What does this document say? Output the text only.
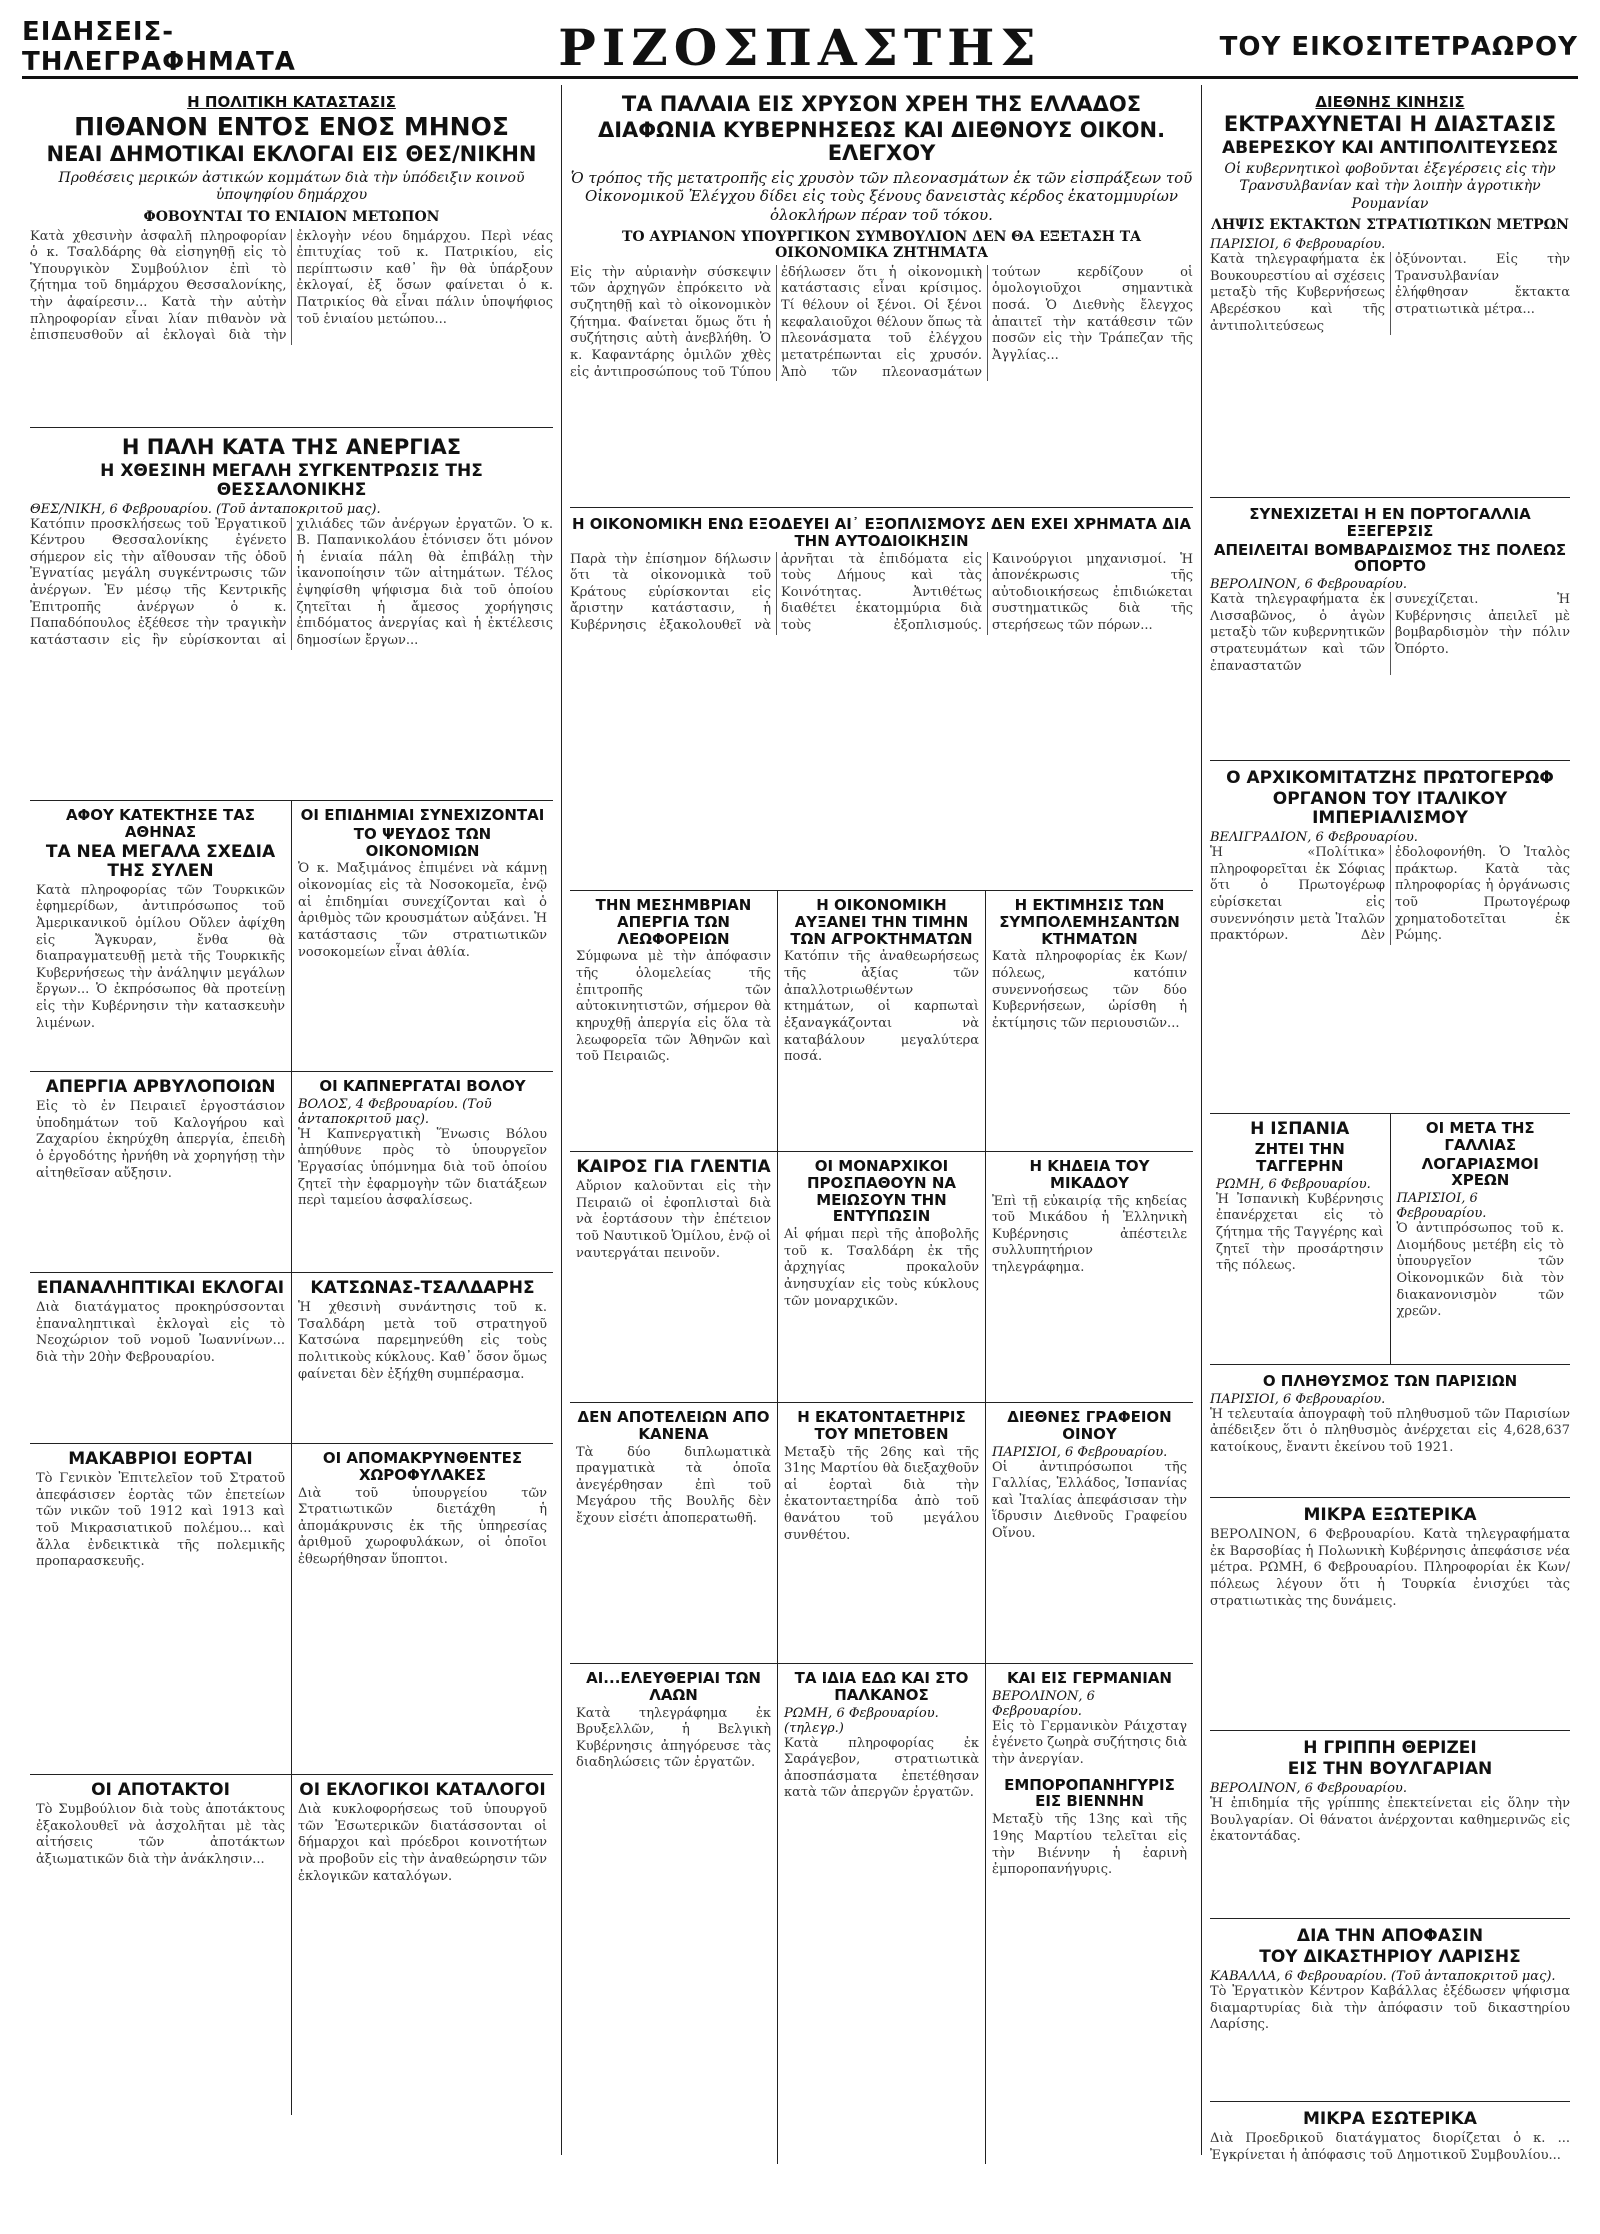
ΕΙΔΗΣΕΙΣ-ΤΗΛΕΓΡΑΦΗΜΑΤΑ	ΡΙΖΟΣΠΑΣΤΗΣ	ΤΟΥ ΕΙΚΟΣΙΤΕΤΡΑΩΡΟΥ
Η ΠΟΛΙΤΙΚΗ ΚΑΤΑΣΤΑΣΙΣ
ΠΙΘΑΝΟΝ ΕΝΤΟΣ ΕΝΟΣ ΜΗΝΟΣ
ΝΕΑΙ ΔΗΜΟΤΙΚΑΙ ΕΚΛΟΓΑΙ ΕΙΣ ΘΕΣ/ΝΙΚΗΝ
Προθέσεις μερικών ἀστικών κομμάτων διὰ τὴν ὑπόδειξιν κοινοῦ ὑποψηφίου δημάρχου
ΦΟΒΟΥΝΤΑΙ ΤΟ ΕΝΙΑΙΟΝ ΜΕΤΩΠΟΝ

Κατὰ χθεσινὴν ἀσφαλῆ πληροφορίαν ὁ κ. Τσαλδάρης θὰ εἰσηγηθῇ εἰς τὸ Ὑπουργικὸν Συμβούλιον ἐπὶ τὸ ζήτημα τοῦ δημάρχου Θεσσαλονίκης, τὴν ἀφαίρεσιν... Κατὰ τὴν αὐτὴν πληροφορίαν εἶναι λίαν πιθανὸν νὰ ἐπισπευσθοῦν αἱ ἐκλογαὶ διὰ τὴν ἐκλογὴν νέου δημάρχου. Περὶ νέας ἐπιτυχίας τοῦ κ. Πατρικίου, εἰς περίπτωσιν καθ᾽ ἣν θὰ ὑπάρξουν ἐκλογαί, ἐξ ὅσων φαίνεται ὁ κ. Πατρικίος θὰ εἶναι πάλιν ὑποψήφιος τοῦ ἑνιαίου μετώπου...

Η ΠΑΛΗ ΚΑΤΑ ΤΗΣ ΑΝΕΡΓΙΑΣ
Η ΧΘΕΣΙΝΗ ΜΕΓΑΛΗ ΣΥΓΚΕΝΤΡΩΣΙΣ ΤΗΣ ΘΕΣΣΑΛΟΝΙΚΗΣ
ΘΕΣ/ΝΙΚΗ, 6 Φεβρουαρίου. (Τοῦ ἀνταποκριτοῦ μας).

Κατόπιν προσκλήσεως τοῦ Ἐργατικοῦ Κέντρου Θεσσαλονίκης ἐγένετο σήμερον εἰς τὴν αἴθουσαν τῆς ὁδοῦ Ἐγνατίας μεγάλη συγκέντρωσις τῶν ἀνέργων. Ἐν μέσῳ τῆς Κεντρικῆς Ἐπιτροπῆς ἀνέργων ὁ κ. Παπαδόπουλος ἐξέθεσε τὴν τραγικὴν κατάστασιν εἰς ἣν εὑρίσκονται αἱ χιλιάδες τῶν ἀνέργων ἐργατῶν. Ὁ κ. Β. Παπανικολάου ἐτόνισεν ὅτι μόνον ἡ ἑνιαία πάλη θὰ ἐπιβάλῃ τὴν ἱκανοποίησιν τῶν αἰτημάτων. Τέλος ἐψηφίσθη ψήφισμα διὰ τοῦ ὁποίου ζητεῖται ἡ ἄμεσος χορήγησις ἐπιδόματος ἀνεργίας καὶ ἡ ἐκτέλεσις δημοσίων ἔργων...

ΑΦΟΥ ΚΑΤΕΚΤΗΣΕ ΤΑΣ ΑΘΗΝΑΣ
ΤΑ ΝΕΑ ΜΕΓΑΛΑ ΣΧΕΔΙΑ ΤΗΣ ΣΥΛΕΝ

Κατὰ πληροφορίας τῶν Τουρκικῶν ἐφημερίδων, ἀντιπρόσωπος τοῦ Ἀμερικανικοῦ ὁμίλου Οὔλεν ἀφίχθη εἰς Ἄγκυραν, ἔνθα θὰ διαπραγματευθῇ μετὰ τῆς Τουρκικῆς Κυβερνήσεως τὴν ἀνάληψιν μεγάλων ἔργων... Ὁ ἐκπρόσωπος θὰ προτείνῃ εἰς τὴν Κυβέρνησιν τὴν κατασκευὴν λιμένων.

ΟΙ ΕΠΙΔΗΜΙΑΙ ΣΥΝΕΧΙΖΟΝΤΑΙ
ΤΟ ΨΕΥΔΟΣ ΤΩΝ ΟΙΚΟΝΟΜΙΩΝ

Ὁ κ. Μαξιμάνος ἐπιμένει νὰ κάμνῃ οἰκονομίας εἰς τὰ Νοσοκομεῖα, ἐνῷ αἱ ἐπιδημίαι συνεχίζονται καὶ ὁ ἀριθμὸς τῶν κρουσμάτων αὐξάνει. Ἡ κατάστασις τῶν στρατιωτικῶν νοσοκομείων εἶναι ἀθλία.

ΑΠΕΡΓΙΑ ΑΡΒΥΛΟΠΟΙΩΝ

Εἰς τὸ ἐν Πειραιεῖ ἐργοστάσιον ὑποδημάτων τοῦ Καλογήρου καὶ Ζαχαρίου ἐκηρύχθη ἀπεργία, ἐπειδὴ ὁ ἐργοδότης ἠρνήθη νὰ χορηγήσῃ τὴν αἰτηθεῖσαν αὔξησιν.

ΟΙ ΚΑΠΝΕΡΓΑΤΑΙ ΒΟΛΟΥ
ΒΟΛΟΣ, 4 Φεβρουαρίου. (Τοῦ ἀνταποκριτοῦ μας).

Ἡ Καπνεργατικὴ Ἕνωσις Βόλου ἀπηύθυνε πρὸς τὸ ὑπουργεῖον Ἐργασίας ὑπόμνημα διὰ τοῦ ὁποίου ζητεῖ τὴν ἐφαρμογὴν τῶν διατάξεων περὶ ταμείου ἀσφαλίσεως.

ΕΠΑΝΑΛΗΠΤΙΚΑΙ ΕΚΛΟΓΑΙ

Διὰ διατάγματος προκηρύσσονται ἐπαναληπτικαὶ ἐκλογαὶ εἰς τὸ Νεοχώριον τοῦ νομοῦ Ἰωαννίνων... διὰ τὴν 20ὴν Φεβρουαρίου.

ΚΑΤΣΩΝΑΣ-ΤΣΑΛΔΑΡΗΣ

Ἡ χθεσινὴ συνάντησις τοῦ κ. Τσαλδάρη μετὰ τοῦ στρατηγοῦ Κατσώνα παρεμηνεύθη εἰς τοὺς πολιτικοὺς κύκλους. Καθ᾽ ὅσον ὅμως φαίνεται δὲν ἐξήχθη συμπέρασμα.

ΜΑΚΑΒΡΙΟΙ ΕΟΡΤΑΙ

Τὸ Γενικὸν Ἐπιτελεῖον τοῦ Στρατοῦ ἀπεφάσισεν ἑορτὰς τῶν ἐπετείων τῶν νικῶν τοῦ 1912 καὶ 1913 καὶ τοῦ Μικρασιατικοῦ πολέμου... καὶ ἄλλα ἐνδεικτικὰ τῆς πολεμικῆς προπαρασκευῆς.

ΟΙ ΑΠΟΜΑΚΡΥΝΘΕΝΤΕΣ ΧΩΡΟΦΥΛΑΚΕΣ

Διὰ τοῦ ὑπουργείου τῶν Στρατιωτικῶν διετάχθη ἡ ἀπομάκρυνσις ἐκ τῆς ὑπηρεσίας ἀριθμοῦ χωροφυλάκων, οἱ ὁποῖοι ἐθεωρήθησαν ὕποπτοι.

ΟΙ ΑΠΟΤΑΚΤΟΙ

Τὸ Συμβούλιον διὰ τοὺς ἀποτάκτους ἐξακολουθεῖ νὰ ἀσχολῆται μὲ τὰς αἰτήσεις τῶν ἀποτάκτων ἀξιωματικῶν διὰ τὴν ἀνάκλησιν...

ΟΙ ΕΚΛΟΓΙΚΟΙ ΚΑΤΑΛΟΓΟΙ

Διὰ κυκλοφορήσεως τοῦ ὑπουργοῦ τῶν Ἐσωτερικῶν διατάσσονται οἱ δήμαρχοι καὶ πρόεδροι κοινοτήτων νὰ προβοῦν εἰς τὴν ἀναθεώρησιν τῶν ἐκλογικῶν καταλόγων.

ΤΑ ΠΑΛΑΙΑ ΕΙΣ ΧΡΥΣΟΝ ΧΡΕΗ ΤΗΣ ΕΛΛΑΔΟΣ
ΔΙΑΦΩΝΙΑ ΚΥΒΕΡΝΗΣΕΩΣ ΚΑΙ ΔΙΕΘΝΟΥΣ ΟΙΚΟΝ. ΕΛΕΓΧΟΥ
Ὁ τρόπος τῆς μετατροπῆς εἰς χρυσὸν τῶν πλεονασμάτων ἐκ τῶν εἰσπράξεων τοῦ Οἰκονομικοῦ Ἐλέγχου δίδει εἰς τοὺς ξένους δανειστὰς κέρδος ἑκατομμυρίων ὁλοκλήρων πέραν τοῦ τόκου.
ΤΟ ΑΥΡΙΑΝΟΝ ΥΠΟΥΡΓΙΚΟΝ ΣΥΜΒΟΥΛΙΟΝ ΔΕΝ ΘΑ ΕΞΕΤΑΣΗ ΤΑ ΟΙΚΟΝΟΜΙΚΑ ΖΗΤΗΜΑΤΑ

Εἰς τὴν αὐριανὴν σύσκεψιν τῶν ἀρχηγῶν ἐπρόκειτο νὰ συζητηθῇ καὶ τὸ οἰκονομικὸν ζήτημα. Φαίνεται ὅμως ὅτι ἡ συζήτησις αὐτὴ ἀνεβλήθη. Ὁ κ. Καφαντάρης ὁμιλῶν χθὲς εἰς ἀντιπροσώπους τοῦ Τύπου ἐδήλωσεν ὅτι ἡ οἰκονομικὴ κατάστασις εἶναι κρίσιμος. Τί θέλουν οἱ ξένοι. Οἱ ξένοι κεφαλαιοῦχοι θέλουν ὅπως τὰ πλεονάσματα τοῦ ἐλέγχου μετατρέπωνται εἰς χρυσόν. Ἀπὸ τῶν πλεονασμάτων τούτων κερδίζουν οἱ ὁμολογιοῦχοι σημαντικὰ ποσά. Ὁ Διεθνὴς ἔλεγχος ἀπαιτεῖ τὴν κατάθεσιν τῶν ποσῶν εἰς τὴν Τράπεζαν τῆς Ἀγγλίας...

Η ΟΙΚΟΝΟΜΙΚΗ ΕΝΩ ΕΞΟΔΕΥΕΙ ΑΙ᾽ ΕΞΟΠΛΙΣΜΟΥΣ ΔΕΝ ΕΧΕΙ ΧΡΗΜΑΤΑ ΔΙΑ ΤΗΝ ΑΥΤΟΔΙΟΙΚΗΣΙΝ

Παρὰ τὴν ἐπίσημον δήλωσιν ὅτι τὰ οἰκονομικὰ τοῦ Κράτους εὑρίσκονται εἰς ἄριστην κατάστασιν, ἡ Κυβέρνησις ἐξακολουθεῖ νὰ ἀρνῆται τὰ ἐπιδόματα εἰς τοὺς Δήμους καὶ τὰς Κοινότητας. Ἀντιθέτως διαθέτει ἑκατομμύρια διὰ τοὺς ἐξοπλισμούς. Καινούργιοι μηχανισμοί. Ἡ ἀπονέκρωσις τῆς αὐτοδιοικήσεως ἐπιδιώκεται συστηματικῶς διὰ τῆς στερήσεως τῶν πόρων...

ΤΗΝ ΜΕΣΗΜΒΡΙΑΝ ΑΠΕΡΓΙΑ ΤΩΝ ΛΕΩΦΟΡΕΙΩΝ

Σύμφωνα μὲ τὴν ἀπόφασιν τῆς ὁλομελείας τῆς ἐπιτροπῆς τῶν αὐτοκινητιστῶν, σήμερον θὰ κηρυχθῇ ἀπεργία εἰς ὅλα τὰ λεωφορεῖα τῶν Ἀθηνῶν καὶ τοῦ Πειραιῶς.

Η ΟΙΚΟΝΟΜΙΚΗ ΑΥΞΑΝΕΙ ΤΗΝ ΤΙΜΗΝ ΤΩΝ ΑΓΡΟΚΤΗΜΑΤΩΝ

Κατόπιν τῆς ἀναθεωρήσεως τῆς ἀξίας τῶν ἀπαλλοτριωθέντων κτημάτων, οἱ καρπωταὶ ἐξαναγκάζονται νὰ καταβάλουν μεγαλύτερα ποσά.

Η ΕΚΤΙΜΗΣΙΣ ΤΩΝ ΣΥΜΠΟΛΕΜΗΣΑΝΤΩΝ ΚΤΗΜΑΤΩΝ

Κατὰ πληροφορίας ἐκ Κων/πόλεως, κατόπιν συνεννοήσεως τῶν δύο Κυβερνήσεων, ὡρίσθη ἡ ἐκτίμησις τῶν περιουσιῶν...

ΚΑΙΡΟΣ ΓΙΑ ΓΛΕΝΤΙΑ

Αὔριον καλοῦνται εἰς τὴν Πειραιῶ οἱ ἐφοπλισταὶ διὰ νὰ ἑορτάσουν τὴν ἐπέτειον τοῦ Ναυτικοῦ Ὁμίλου, ἐνῷ οἱ ναυτεργάται πεινοῦν.

ΟΙ ΜΟΝΑΡΧΙΚΟΙ ΠΡΟΣΠΑΘΟΥΝ ΝΑ ΜΕΙΩΣΟΥΝ ΤΗΝ ΕΝΤΥΠΩΣΙΝ

Αἱ φήμαι περὶ τῆς ἀποβολῆς τοῦ κ. Τσαλδάρη ἐκ τῆς ἀρχηγίας προκαλοῦν ἀνησυχίαν εἰς τοὺς κύκλους τῶν μοναρχικῶν.

Η ΚΗΔΕΙΑ ΤΟΥ ΜΙΚΑΔΟΥ

Ἐπὶ τῇ εὐκαιρίᾳ τῆς κηδείας τοῦ Μικάδου ἡ Ἑλληνικὴ Κυβέρνησις ἀπέστειλε συλλυπητήριον τηλεγράφημα.

ΔΕΝ ΑΠΟΤΕΛΕΙΩΝ ΑΠΟ ΚΑΝΕΝΑ

Τὰ δύο διπλωματικὰ πραγματικὰ τὰ ὁποῖα ἀνεγέρθησαν ἐπὶ τοῦ Μεγάρου τῆς Βουλῆς δὲν ἔχουν εἰσέτι ἀποπερατωθῆ.

Η ΕΚΑΤΟΝΤΑΕΤΗΡΙΣ ΤΟΥ ΜΠΕΤΟΒΕΝ

Μεταξὺ τῆς 26ης καὶ τῆς 31ης Μαρτίου θὰ διεξαχθοῦν αἱ ἑορταὶ διὰ τὴν ἑκατονταετηρίδα ἀπὸ τοῦ θανάτου τοῦ μεγάλου συνθέτου.

ΔΙΕΘΝΕΣ ΓΡΑΦΕΙΟΝ ΟΙΝΟΥ
ΠΑΡΙΣΙΟΙ, 6 Φεβρουαρίου.

Οἱ ἀντιπρόσωποι τῆς Γαλλίας, Ἑλλάδος, Ἰσπανίας καὶ Ἰταλίας ἀπεφάσισαν τὴν ἵδρυσιν Διεθνοῦς Γραφείου Οἴνου.

ΑΙ...ΕΛΕΥΘΕΡΙΑΙ ΤΩΝ ΛΑΩΝ

Κατὰ τηλεγράφημα ἐκ Βρυξελλῶν, ἡ Βελγικὴ Κυβέρνησις ἀπηγόρευσε τὰς διαδηλώσεις τῶν ἐργατῶν.

ΤΑ ΙΔΙΑ ΕΔΩ ΚΑΙ ΣΤΟ ΠΑΛΚΑΝΟΣ
ΡΩΜΗ, 6 Φεβρουαρίου. (τηλεγρ.)

Κατὰ πληροφορίας ἐκ Σαράγεβον, στρατιωτικὰ ἀποσπάσματα ἐπετέθησαν κατὰ τῶν ἀπεργῶν ἐργατῶν.

ΚΑΙ ΕΙΣ ΓΕΡΜΑΝΙΑΝ
ΒΕΡΟΛΙΝΟΝ, 6 Φεβρουαρίου.

Εἰς τὸ Γερμανικὸν Ράιχσταγ ἐγένετο ζωηρὰ συζήτησις διὰ τὴν ἀνεργίαν.

ΕΜΠΟΡΟΠΑΝΗΓΥΡΙΣ ΕΙΣ ΒΙΕΝΝΗΝ

Μεταξὺ τῆς 13ης καὶ τῆς 19ης Μαρτίου τελεῖται εἰς τὴν Βιέννην ἡ ἐαρινὴ ἐμποροπανήγυρις.

ΔΙΕΘΝΗΣ ΚΙΝΗΣΙΣ
ΕΚΤΡΑΧΥΝΕΤΑΙ Η ΔΙΑΣΤΑΣΙΣ
ΑΒΕΡΕΣΚΟΥ ΚΑΙ ΑΝΤΙΠΟΛΙΤΕΥΣΕΩΣ
Οἱ κυβερνητικοὶ φοβοῦνται ἐξεγέρσεις εἰς τὴν Τρανσυλβανίαν καὶ τὴν λοιπὴν ἀγροτικὴν Ρουμανίαν
ΛΗΨΙΣ ΕΚΤΑΚΤΩΝ ΣΤΡΑΤΙΩΤΙΚΩΝ ΜΕΤΡΩΝ
ΠΑΡΙΣΙΟΙ, 6 Φεβρουαρίου.

Κατὰ τηλεγραφήματα ἐκ Βουκουρεστίου αἱ σχέσεις μεταξὺ τῆς Κυβερνήσεως Αβερέσκου καὶ τῆς ἀντιπολιτεύσεως ὀξύνονται. Εἰς τὴν Τρανσυλβανίαν ἐλήφθησαν ἔκτακτα στρατιωτικὰ μέτρα...

ΣΥΝΕΧΙΖΕΤΑΙ Η ΕΝ ΠΟΡΤΟΓΑΛΛΙΑ ΕΞΕΓΕΡΣΙΣ
ΑΠΕΙΛΕΙΤΑΙ ΒΟΜΒΑΡΔΙΣΜΟΣ ΤΗΣ ΠΟΛΕΩΣ ΟΠΟΡΤΟ
ΒΕΡΟΛΙΝΟΝ, 6 Φεβρουαρίου.

Κατὰ τηλεγραφήματα ἐκ Λισσαβῶνος, ὁ ἀγὼν μεταξὺ τῶν κυβερνητικῶν στρατευμάτων καὶ τῶν ἐπαναστατῶν συνεχίζεται. Ἡ Κυβέρνησις ἀπειλεῖ μὲ βομβαρδισμὸν τὴν πόλιν Ὀπόρτο.

Ο ΑΡΧΙΚΟΜΙΤΑΤΖΗΣ ΠΡΩΤΟΓΕΡΩΦ
ΟΡΓΑΝΟΝ ΤΟΥ ΙΤΑΛΙΚΟΥ ΙΜΠΕΡΙΑΛΙΣΜΟΥ
ΒΕΛΙΓΡΑΔΙΟΝ, 6 Φεβρουαρίου.

Ἡ «Πολίτικα» πληροφορεῖται ἐκ Σόφιας ὅτι ὁ Πρωτογέρωφ εὑρίσκεται εἰς συνεννόησιν μετὰ Ἰταλῶν πρακτόρων. Δὲν ἐδολοφονήθη. Ὁ Ἰταλὸς πράκτωρ. Κατὰ τὰς πληροφορίας ἡ ὀργάνωσις τοῦ Πρωτογέρωφ χρηματοδοτεῖται ἐκ Ρώμης.

Η ΙΣΠΑΝΙΑ
ΖΗΤΕΙ ΤΗΝ ΤΑΓΓΕΡΗΝ
ΡΩΜΗ, 6 Φεβρουαρίου.

Ἡ Ἰσπανικὴ Κυβέρνησις ἐπανέρχεται εἰς τὸ ζήτημα τῆς Ταγγέρης καὶ ζητεῖ τὴν προσάρτησιν τῆς πόλεως.

ΟΙ ΜΕΤΑ ΤΗΣ ΓΑΛΛΙΑΣ
ΛΟΓΑΡΙΑΣΜΟΙ ΧΡΕΩΝ
ΠΑΡΙΣΙΟΙ, 6 Φεβρουαρίου.

Ὁ ἀντιπρόσωπος τοῦ κ. Διομήδους μετέβη εἰς τὸ ὑπουργεῖον τῶν Οἰκονομικῶν διὰ τὸν διακανονισμὸν τῶν χρεῶν.

Ο ΠΛΗΘΥΣΜΟΣ ΤΩΝ ΠΑΡΙΣΙΩΝ
ΠΑΡΙΣΙΟΙ, 6 Φεβρουαρίου.

Ἡ τελευταία ἀπογραφὴ τοῦ πληθυσμοῦ τῶν Παρισίων ἀπέδειξεν ὅτι ὁ πληθυσμὸς ἀνέρχεται εἰς 4,628,637 κατοίκους, ἔναντι ἐκείνου τοῦ 1921.

ΜΙΚΡΑ ΕΞΩΤΕΡΙΚΑ

ΒΕΡΟΛΙΝΟΝ, 6 Φεβρουαρίου. Κατὰ τηλεγραφήματα ἐκ Βαρσοβίας ἡ Πολωνικὴ Κυβέρνησις ἀπεφάσισε νέα μέτρα. ΡΩΜΗ, 6 Φεβρουαρίου. Πληροφορίαι ἐκ Κων/πόλεως λέγουν ὅτι ἡ Τουρκία ἐνισχύει τὰς στρατιωτικὰς της δυνάμεις.

Η ΓΡΙΠΠΗ ΘΕΡΙΖΕΙ
ΕΙΣ ΤΗΝ ΒΟΥΛΓΑΡΙΑΝ
ΒΕΡΟΛΙΝΟΝ, 6 Φεβρουαρίου.

Ἡ ἐπιδημία τῆς γρίππης ἐπεκτείνεται εἰς ὅλην τὴν Βουλγαρίαν. Οἱ θάνατοι ἀνέρχονται καθημερινῶς εἰς ἑκατοντάδας.

ΔΙΑ ΤΗΝ ΑΠΟΦΑΣΙΝ
ΤΟΥ ΔΙΚΑΣΤΗΡΙΟΥ ΛΑΡΙΣΗΣ
ΚΑΒΑΛΛΑ, 6 Φεβρουαρίου. (Τοῦ ἀνταποκριτοῦ μας).

Τὸ Ἐργατικὸν Κέντρον Καβάλλας ἐξέδωσεν ψήφισμα διαμαρτυρίας διὰ τὴν ἀπόφασιν τοῦ δικαστηρίου Λαρίσης.

ΜΙΚΡΑ ΕΣΩΤΕΡΙΚΑ

Διὰ Προεδρικοῦ διατάγματος διορίζεται ὁ κ. ... Ἐγκρίνεται ἡ ἀπόφασις τοῦ Δημοτικοῦ Συμβουλίου...
